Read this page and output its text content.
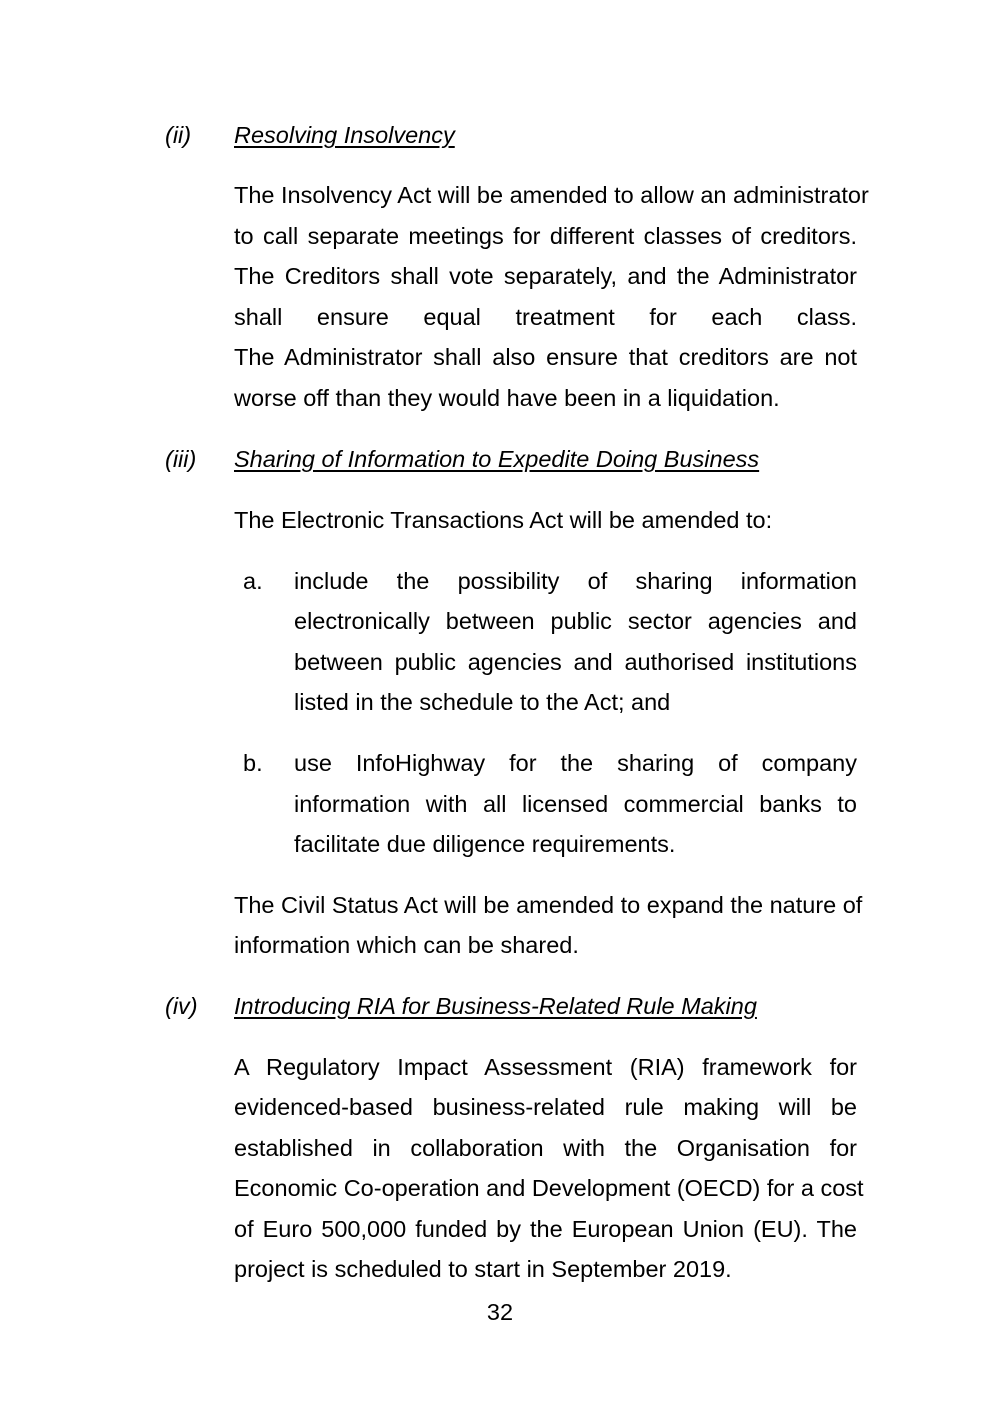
(ii) Resolving Insolvency
The Insolvency Act will be amended to allow an administrator
to call separate meetings for different classes of creditors.
The Creditors shall vote separately, and the Administrator
shall ensure equal treatment for each class.
The Administrator shall also ensure that creditors are not
worse off than they would have been in a liquidation.
(iii) Sharing of Information to Expedite Doing Business
The Electronic Transactions Act will be amended to:
a. include the possibility of sharing information
electronically between public sector agencies and
between public agencies and authorised institutions
listed in the schedule to the Act; and
b. use InfoHighway for the sharing of company
information with all licensed commercial banks to
facilitate due diligence requirements.
The Civil Status Act will be amended to expand the nature of
information which can be shared.
(iv) Introducing RIA for Business-Related Rule Making
A Regulatory Impact Assessment (RIA) framework for
evidenced-based business-related rule making will be
established in collaboration with the Organisation for
Economic Co-operation and Development (OECD) for a cost
of Euro 500,000 funded by the European Union (EU). The
project is scheduled to start in September 2019.
32
